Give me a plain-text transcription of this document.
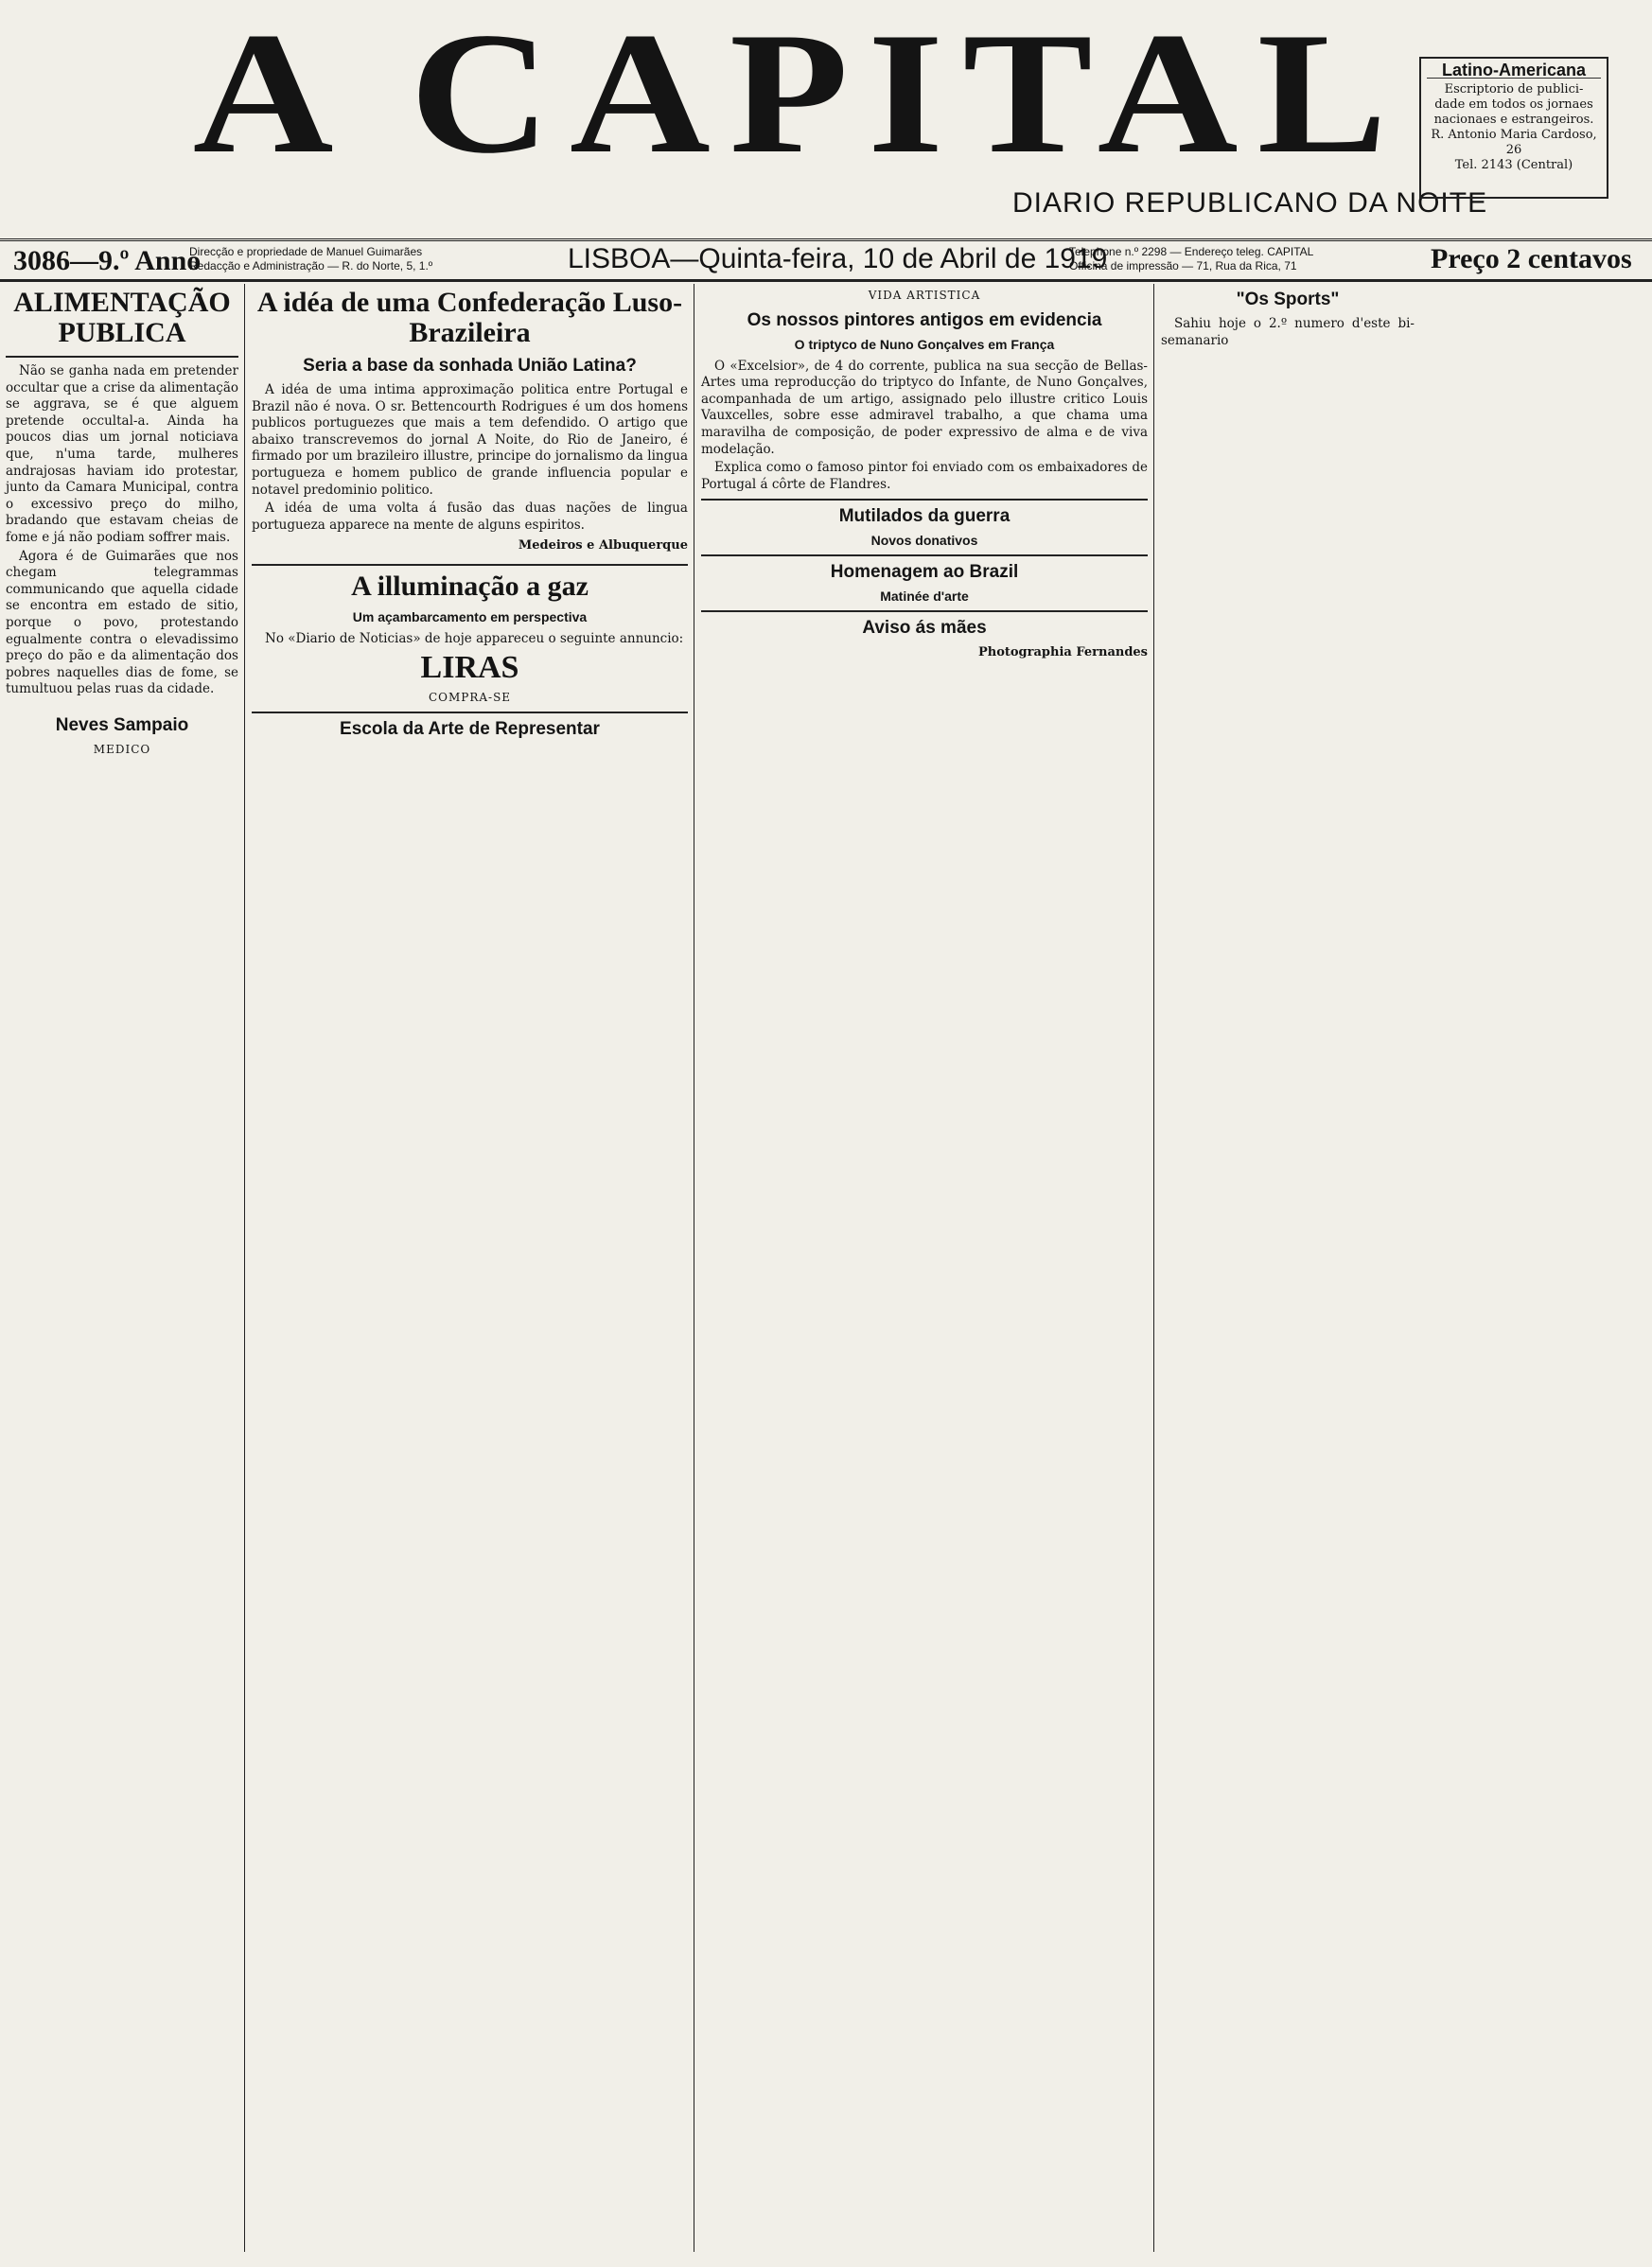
A CAPITAL
DIARIO REPUBLICANO DA NOITE
Latino-Americana
Escriptorio de publici-
dade em todos os jornaes
nacionaes e estrangeiros.
R. Antonio Maria Cardoso, 26
Tel. 2143 (Central)
3086—9.º Anno
Direcção e propriedade de Manuel Guimarães
Redacção e Administração — R. do Norte, 5, 1.º	LISBOA—Quinta-feira, 10 de Abril de 1919
Telephone n.º 2298 — Endereço teleg. CAPITAL
Officina de impressão — 71, Rua da Rica, 71	Preço 2 centavos
ALIMENTAÇÃO PUBLICA

Não se ganha nada em pretender occultar que a crise da alimentação se aggrava, se é que alguem pretende occultal-a. Ainda ha poucos dias um jornal noticiava que, n'uma tarde, mulheres andrajosas haviam ido protestar, junto da Camara Municipal, contra o excessivo preço do milho, bradando que estavam cheias de fome e já não podiam soffrer mais.

Agora é de Guimarães que nos chegam telegrammas communicando que aquella cidade se encontra em estado de sitio, porque o povo, protestando egualmente contra o elevadissimo preço do pão e da alimentação dos pobres naquelles dias de fome, se tumultuou pelas ruas da cidade.

Neves Sampaio
MEDICO
A idéa de uma Confederação Luso-Brazileira
Seria a base da sonhada União Latina?

A idéa de uma intima approximação politica entre Portugal e Brazil não é nova. O sr. Bettencourth Rodrigues é um dos homens publicos portuguezes que mais a tem defendido. O artigo que abaixo transcrevemos do jornal A Noite, do Rio de Janeiro, é firmado por um brazileiro illustre, principe do jornalismo da lingua portugueza e homem publico de grande influencia popular e notavel predominio politico.

A idéa de uma volta á fusão das duas nações de lingua portugueza apparece na mente de alguns espiritos.

Medeiros e Albuquerque
A illuminação a gaz
Um açambarcamento em perspectiva

No «Diario de Noticias» de hoje appareceu o seguinte annuncio:

LIRAS
COMPRA-SE
Escola da Arte de Representar
VIDA ARTISTICA
Os nossos pintores antigos em evidencia
O triptyco de Nuno Gonçalves em França

O «Excelsior», de 4 do corrente, publica na sua secção de Bellas-Artes uma reproducção do triptyco do Infante, de Nuno Gonçalves, acompanhada de um artigo, assignado pelo illustre critico Louis Vauxcelles, sobre esse admiravel trabalho, a que chama uma maravilha de composição, de poder expressivo de alma e de viva modelação.

Explica como o famoso pintor foi enviado com os embaixadores de Portugal á côrte de Flandres.

Mutilados da guerra
Novos donativos
Homenagem ao Brazil
Matinée d'arte
Aviso ás mães
Photographia Fernandes
"Os Sports"

Sahiu hoje o 2.º numero d'este bi-semanario
